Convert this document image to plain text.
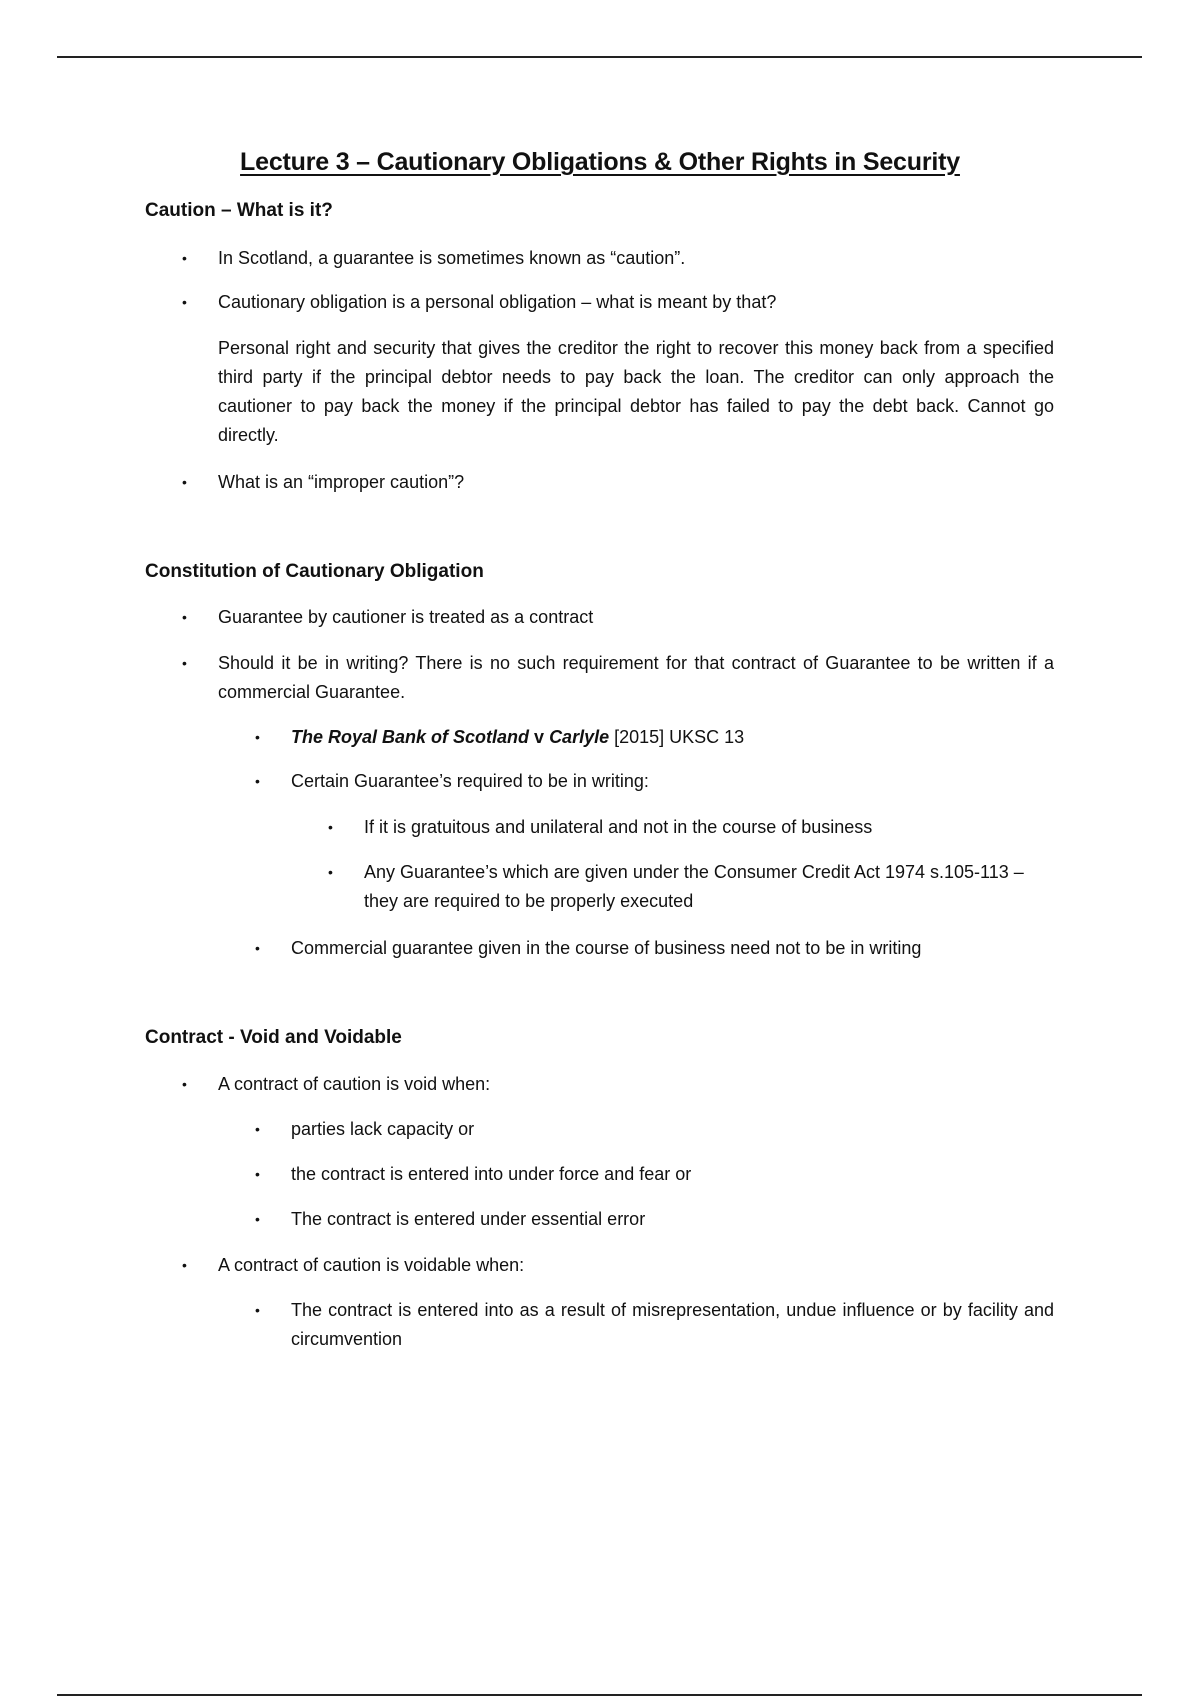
Lecture 3 – Cautionary Obligations & Other Rights in Security
Caution – What is it?
• In Scotland, a guarantee is sometimes known as “caution”.
• Cautionary obligation is a personal obligation – what is meant by that?
Personal right and security that gives the creditor the right to recover this money back from a specified third party if the principal debtor needs to pay back the loan. The creditor can only approach the cautioner to pay back the money if the principal debtor has failed to pay the debt back. Cannot go directly.
• What is an “improper caution”?
Constitution of Cautionary Obligation
• Guarantee by cautioner is treated as a contract
• Should it be in writing? There is no such requirement for that contract of Guarantee to be written if a commercial Guarantee.
• The Royal Bank of Scotland v Carlyle [2015] UKSC 13
• Certain Guarantee’s required to be in writing:
• If it is gratuitous and unilateral and not in the course of business
• Any Guarantee’s which are given under the Consumer Credit Act 1974 s.105-113 – they are required to be properly executed
• Commercial guarantee given in the course of business need not to be in writing
Contract - Void and Voidable
• A contract of caution is void when:
• parties lack capacity or
• the contract is entered into under force and fear or
• The contract is entered under essential error
• A contract of caution is voidable when:
• The contract is entered into as a result of misrepresentation, undue influence or by facility and circumvention
